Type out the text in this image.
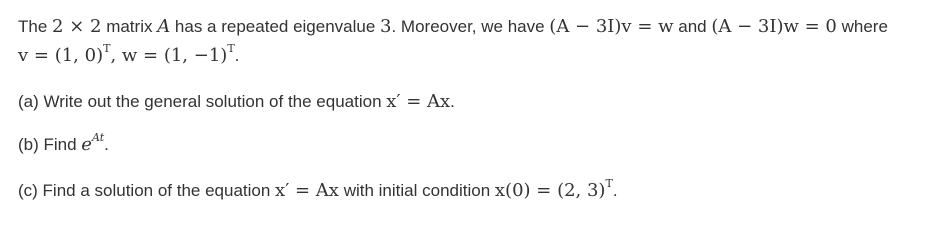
The 2 × 2 matrix A has a repeated eigenvalue 3. Moreover, we have (A − 3I)v = w and (A − 3I)w = 0 where
v = (1, 0)$^T$, w = (1, −1)$^T$.
(a) Write out the general solution of the equation x′ = Ax.
(b) Find $e^{At}$.
(c) Find a solution of the equation x′ = Ax with initial condition x(0) = (2, 3)$^T$.
